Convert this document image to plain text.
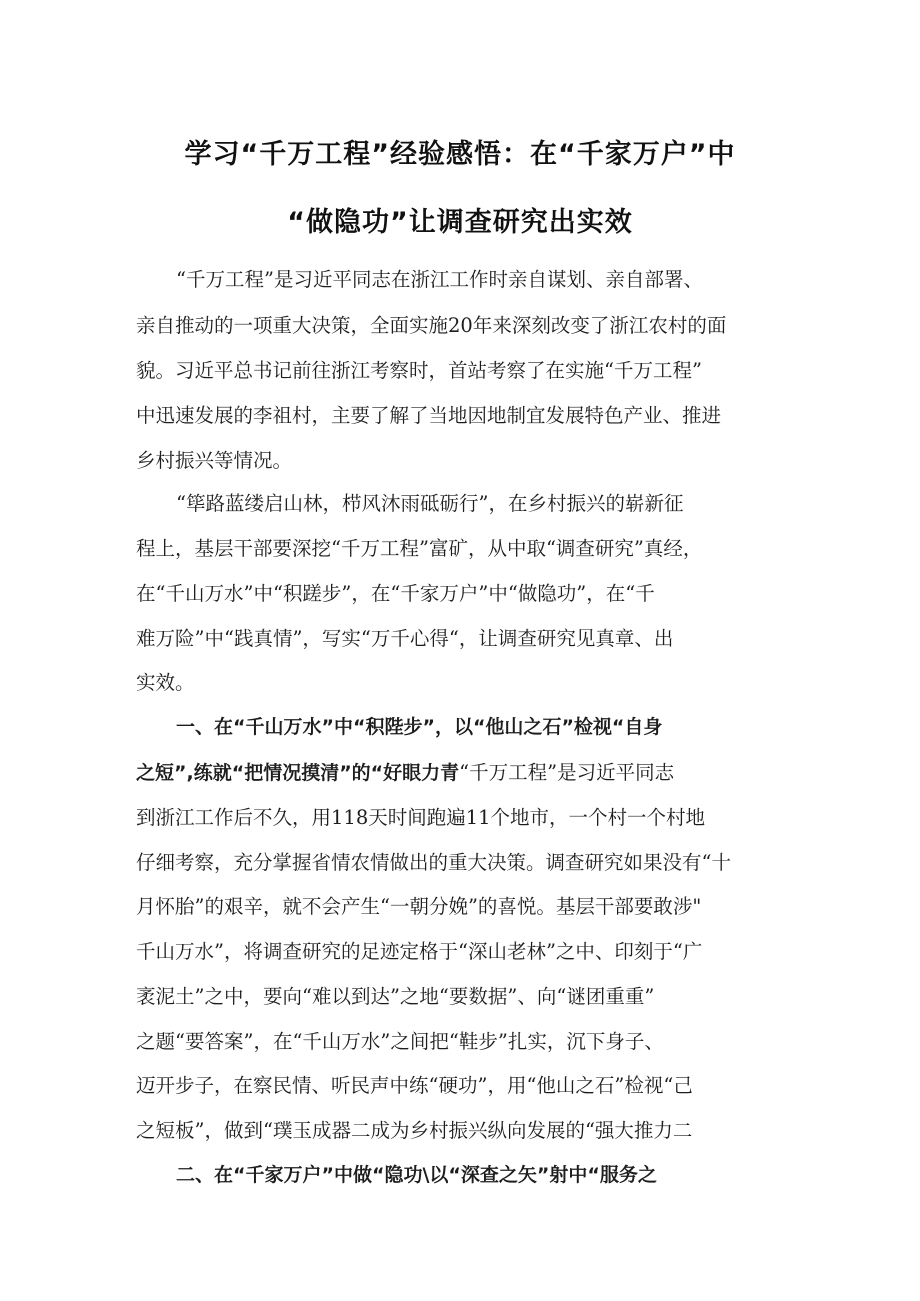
学习“千万工程”经验感悟：在“千家万户”中
“做隐功”让调查研究出实效
“千万工程”是习近平同志在浙江工作时亲自谋划、亲自部署、
亲自推动的一项重大决策，全面实施20年来深刻改变了浙江农村的面
貌。习近平总书记前往浙江考察时，首站考察了在实施“千万工程”
中迅速发展的李祖村，主要了解了当地因地制宜发展特色产业、推进
乡村振兴等情况。
“筚路蓝缕启山林，栉风沐雨砥砺行”，在乡村振兴的崭新征
程上，基层干部要深挖“千万工程”富矿，从中取“调查研究”真经，
在“千山万水”中“积蹉步”，在“千家万户”中“做隐功”，在“千
难万险”中“践真情”，写实“万千心得“，让调查研究见真章、出
实效。
一、在“千山万水”中“积陛步”，以“他山之石”检视“自身
之短”,练就“把情况摸清”的“好眼力青“千万工程”是习近平同志
到浙江工作后不久，用118天时间跑遍11个地市，一个村一个村地
仔细考察，充分掌握省情农情做出的重大决策。调查研究如果没有“十
月怀胎”的艰辛，就不会产生“一朝分娩”的喜悦。基层干部要敢涉"
千山万水”，将调查研究的足迹定格于“深山老林”之中、印刻于“广
袤泥土”之中，要向“难以到达”之地“要数据”、向“谜团重重”
之题“要答案”，在“千山万水”之间把“鞋步”扎实，沉下身子、
迈开步子，在察民情、听民声中练“硬功”，用“他山之石”检视“己
之短板”，做到“璞玉成器二成为乡村振兴纵向发展的“强大推力二
二、在“千家万户”中做“隐功\以“深查之矢”射中“服务之
